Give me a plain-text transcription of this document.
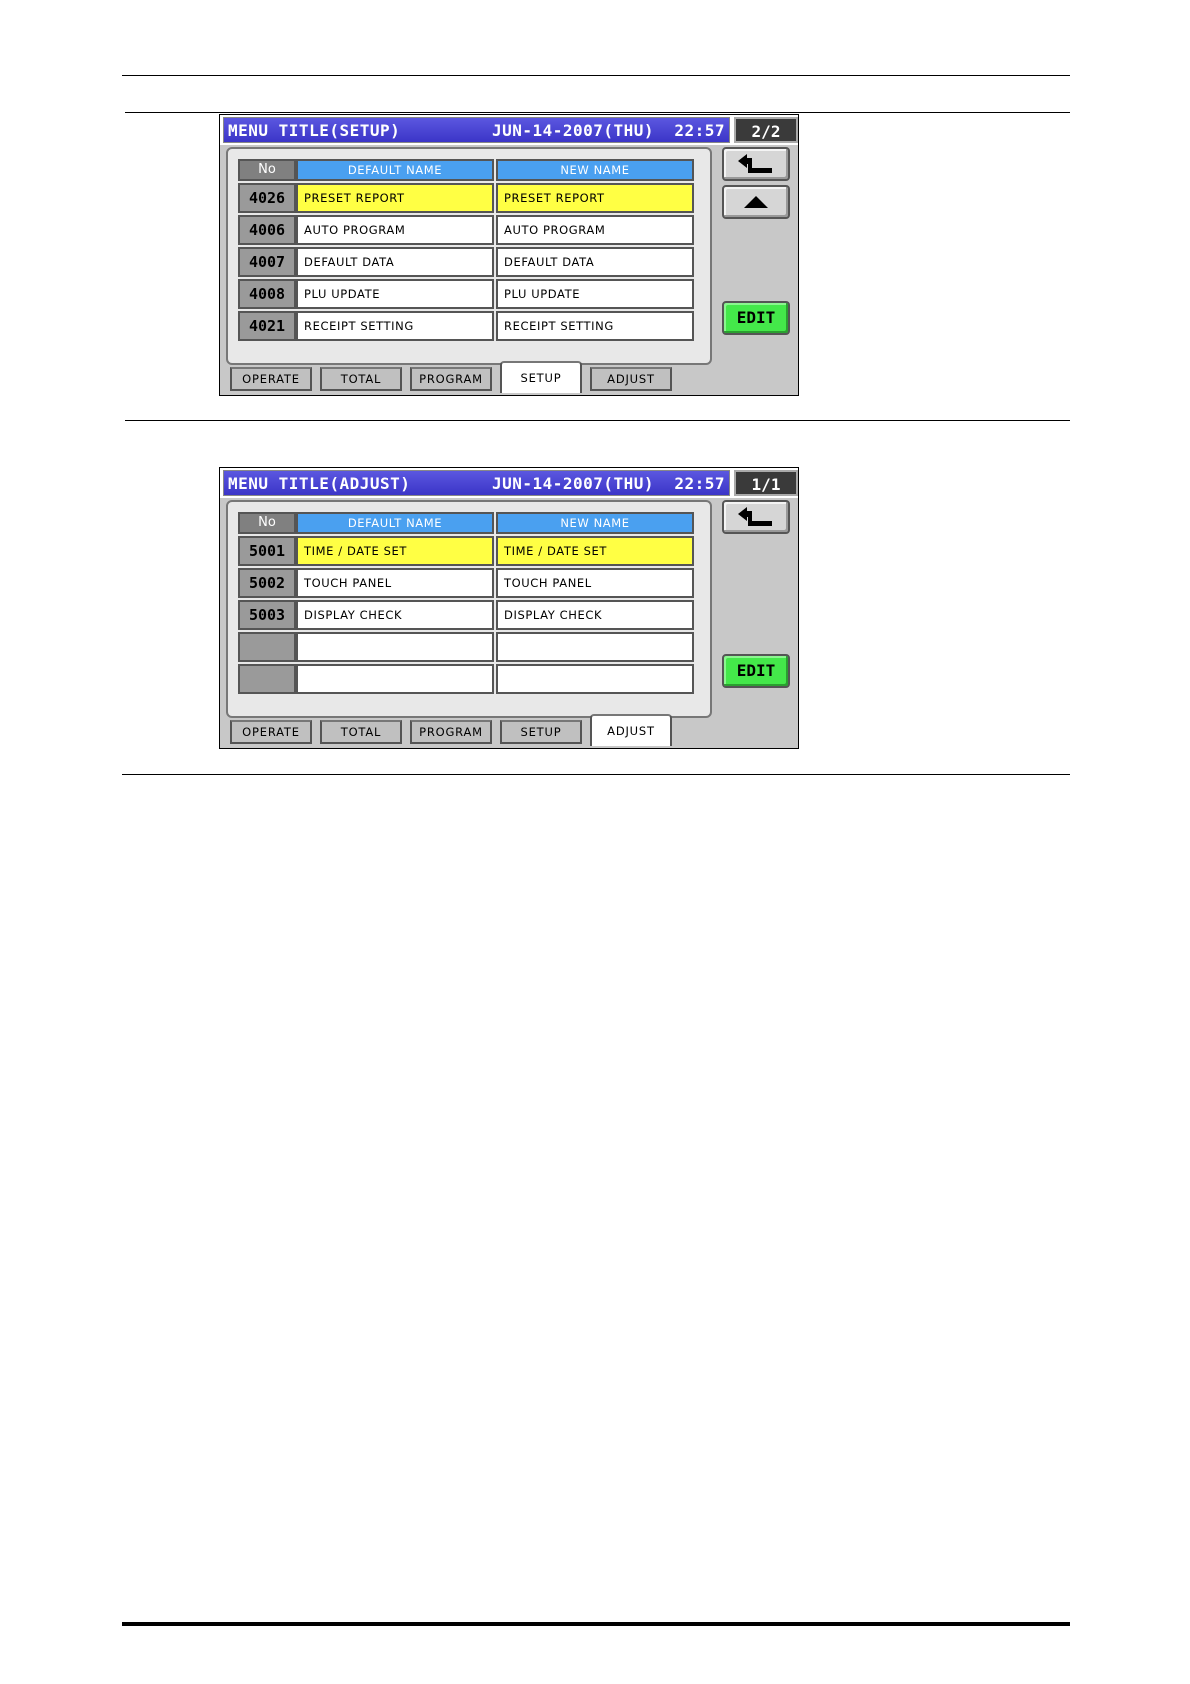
MENU TITLE(SETUP)	JUN-14-2007(THU)  22:57	2/2
No	DEFAULT NAME	NEW NAME
4026	PRESET REPORT	PRESET REPORT
4006	AUTO PROGRAM	AUTO PROGRAM
4007	DEFAULT DATA	DEFAULT DATA
4008	PLU UPDATE	PLU UPDATE
4021	RECEIPT SETTING	RECEIPT SETTING	EDIT
OPERATE	TOTAL	PROGRAM	SETUP	ADJUST
MENU TITLE(ADJUST)	JUN-14-2007(THU)  22:57	1/1
No	DEFAULT NAME	NEW NAME
5001	TIME / DATE SET	TIME / DATE SET
5002	TOUCH PANEL	TOUCH PANEL
5003	DISPLAY CHECK	DISPLAY CHECK
EDIT
OPERATE	TOTAL	PROGRAM	SETUP	ADJUST
